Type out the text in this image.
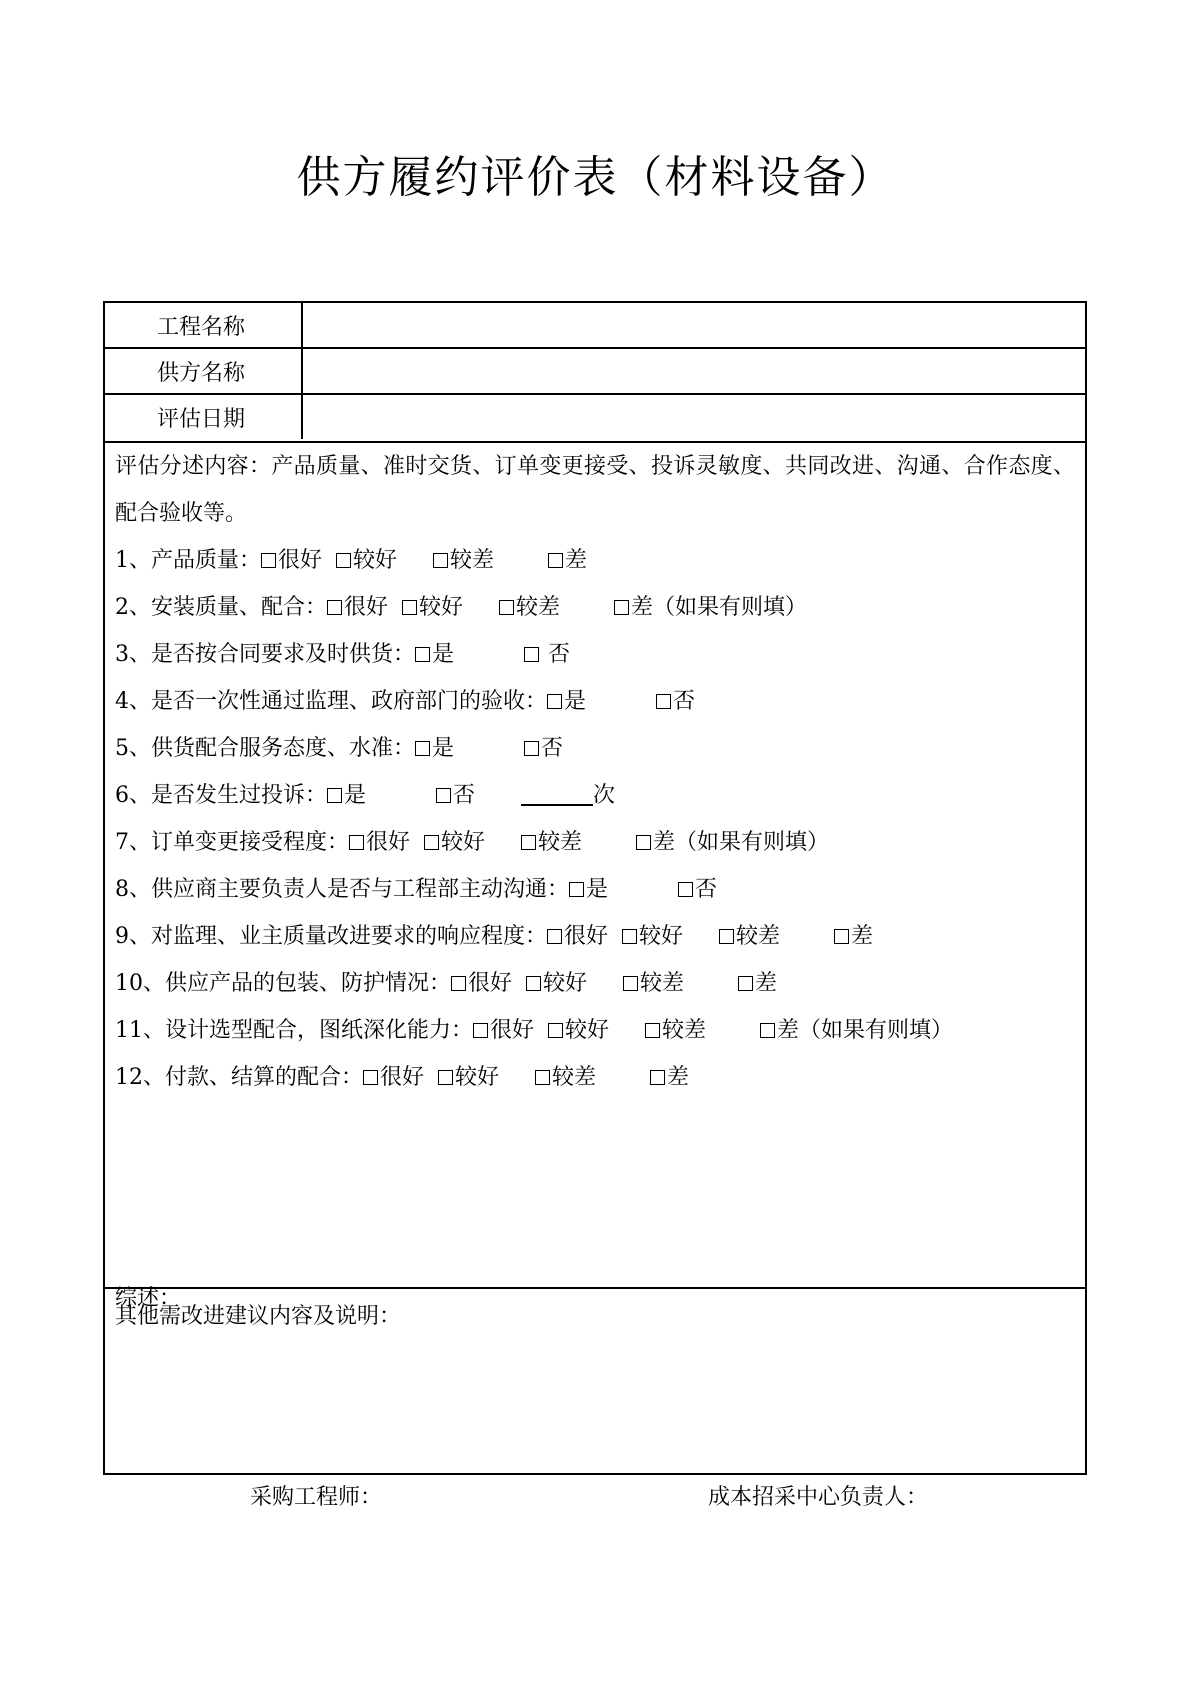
供方履约评价表（材料设备）
工程名称
供方名称
评估日期
评估分述内容：产品质量、准时交货、订单变更接受、投诉灵敏度、共同改进、沟通、合作态度、配合验收等。
1、产品质量： 很好 较好 较差	差
2、安装质量、配合： 很好 较好 较差	差（如果有则填）
3、是否按合同要求及时供货： 是	否
4、是否一次性通过监理、政府部门的验收： 是	否
5、供货配合服务态度、水准： 是	否
6、是否发生过投诉： 是	否	次
7、订单变更接受程度： 很好 较好 较差	差（如果有则填）
8、供应商主要负责人是否与工程部主动沟通： 是	否
9、对监理、业主质量改进要求的响应程度： 很好 较好 较差	差
10、供应产品的包装、防护情况： 很好 较好 较差	差
11、设计选型配合，图纸深化能力： 很好 较好 较差	差（如果有则填）
12、付款、结算的配合： 很好 较好 较差	差
综述：
其他需改进建议内容及说明：
采购工程师：	成本招采中心负责人：
